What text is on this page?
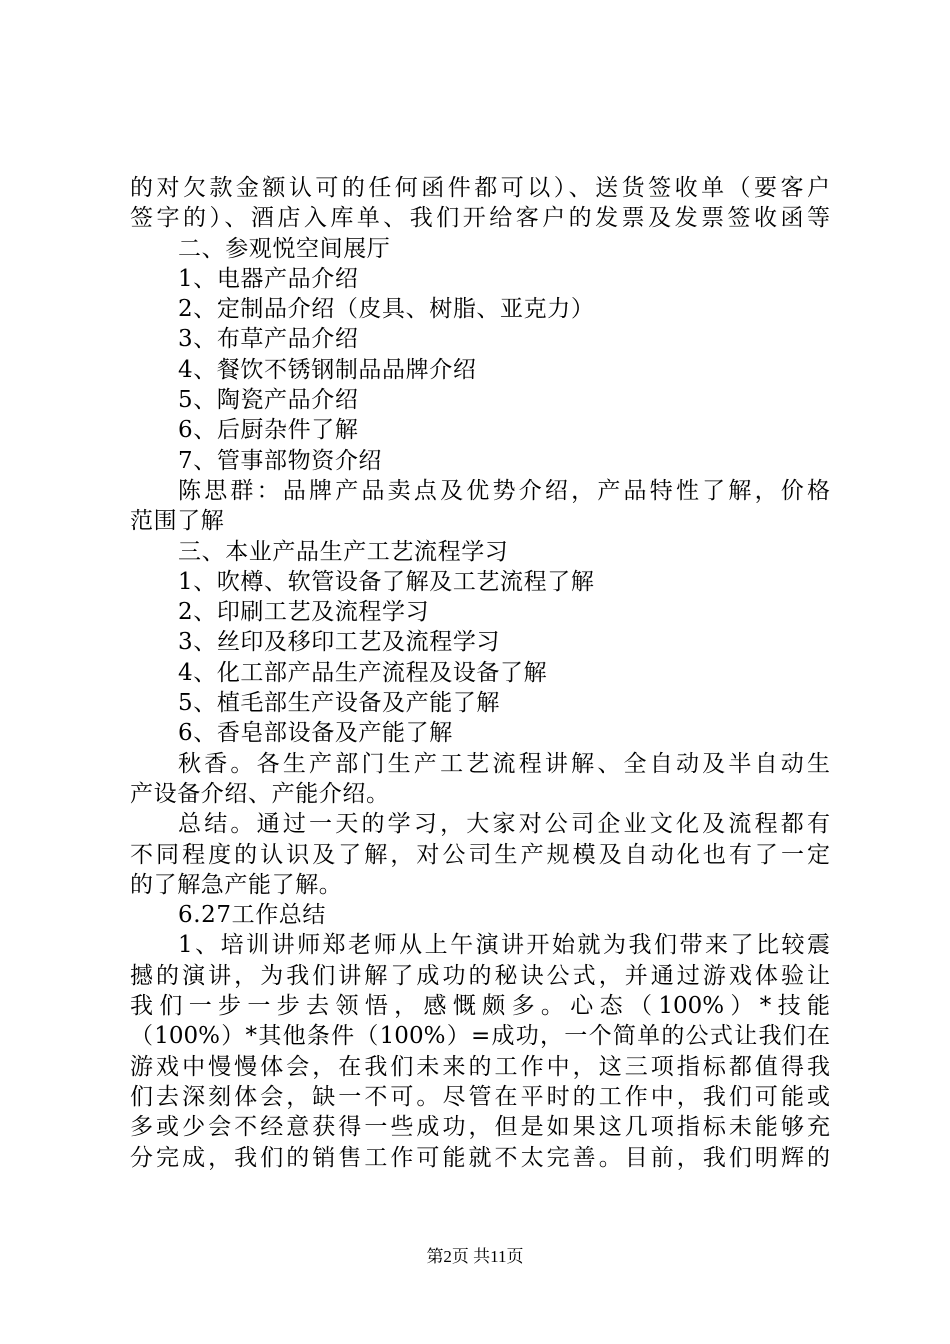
的对欠款金额认可的任何函件都可以）、送货签收单（要客户
签字的）、酒店入库单、我们开给客户的发票及发票签收函等
二、参观悦空间展厅
1、电器产品介绍
2、定制品介绍（皮具、树脂、亚克力）
3、布草产品介绍
4、餐饮不锈钢制品品牌介绍
5、陶瓷产品介绍
6、后厨杂件了解
7、管事部物资介绍
陈思群：品牌产品卖点及优势介绍，产品特性了解，价格
范围了解
三、本业产品生产工艺流程学习
1、吹樽、软管设备了解及工艺流程了解
2、印刷工艺及流程学习
3、丝印及移印工艺及流程学习
4、化工部产品生产流程及设备了解
5、植毛部生产设备及产能了解
6、香皂部设备及产能了解
秋香。各生产部门生产工艺流程讲解、全自动及半自动生
产设备介绍、产能介绍。
总结。通过一天的学习，大家对公司企业文化及流程都有
不同程度的认识及了解，对公司生产规模及自动化也有了一定
的了解急产能了解。
6.27工作总结
1、培训讲师郑老师从上午演讲开始就为我们带来了比较震
撼的演讲，为我们讲解了成功的秘诀公式，并通过游戏体验让
我们一步一步去领悟，感慨颇多。心态（100%）*技能
（100%）*其他条件（100%）=成功，一个简单的公式让我们在
游戏中慢慢体会，在我们未来的工作中，这三项指标都值得我
们去深刻体会，缺一不可。尽管在平时的工作中，我们可能或
多或少会不经意获得一些成功，但是如果这几项指标未能够充
分完成，我们的销售工作可能就不太完善。目前，我们明辉的
第2页 共11页
